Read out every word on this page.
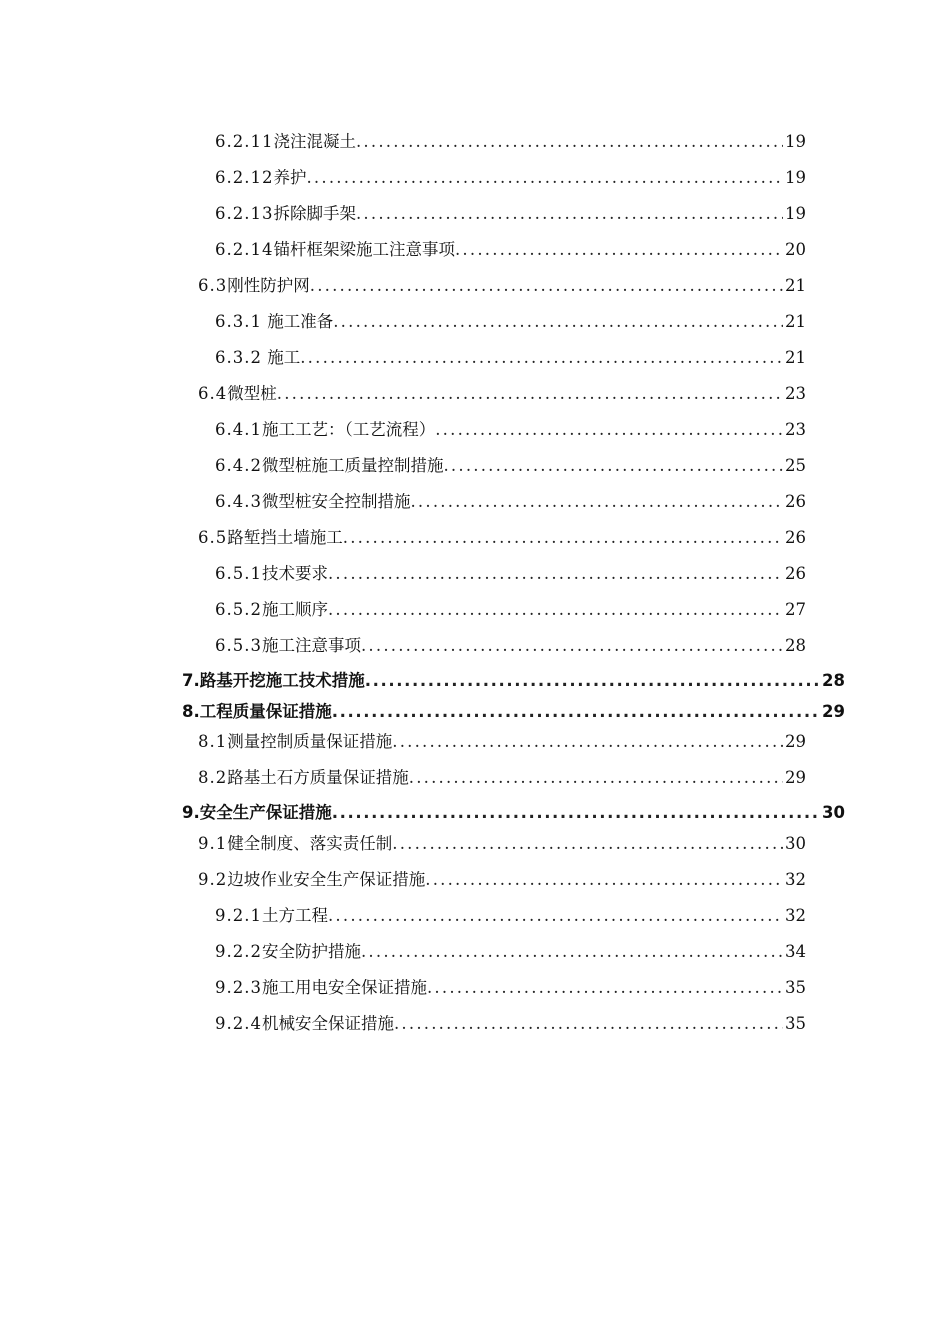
6.2.11 浇注混凝土 .....	19
6.2.12 养护 .....	19
6.2.13 拆除脚手架 .....	19
6.2.14 锚杆框架梁施工注意事项 .....	20
6.3 刚性防护网 .....	21
6.3.1 施工准备 .....	21
6.3.2 施工 .....	21
6.4 微型桩 .....	23
6.4.1 施工工艺：（工艺流程） .....	23
6.4.2 微型桩施工质量控制措施 .....	25
6.4.3 微型桩安全控制措施 .....	26
6.5 路堑挡土墙施工 .....	26
6.5.1 技术要求 .....	26
6.5.2 施工顺序 .....	27
6.5.3 施工注意事项 .....	28
7. 路基开挖施工技术措施 .....	28
8. 工程质量保证措施 .....	29
8.1 测量控制质量保证措施 .....	29
8.2 路基土石方质量保证措施 .....	29
9. 安全生产保证措施 .....	30
9.1 健全制度、落实责任制 .....	30
9.2 边坡作业安全生产保证措施 .....	32
9.2.1 土方工程 .....	32
9.2.2 安全防护措施 .....	34
9.2.3 施工用电安全保证措施 .....	35
9.2.4 机械安全保证措施 .....	35
